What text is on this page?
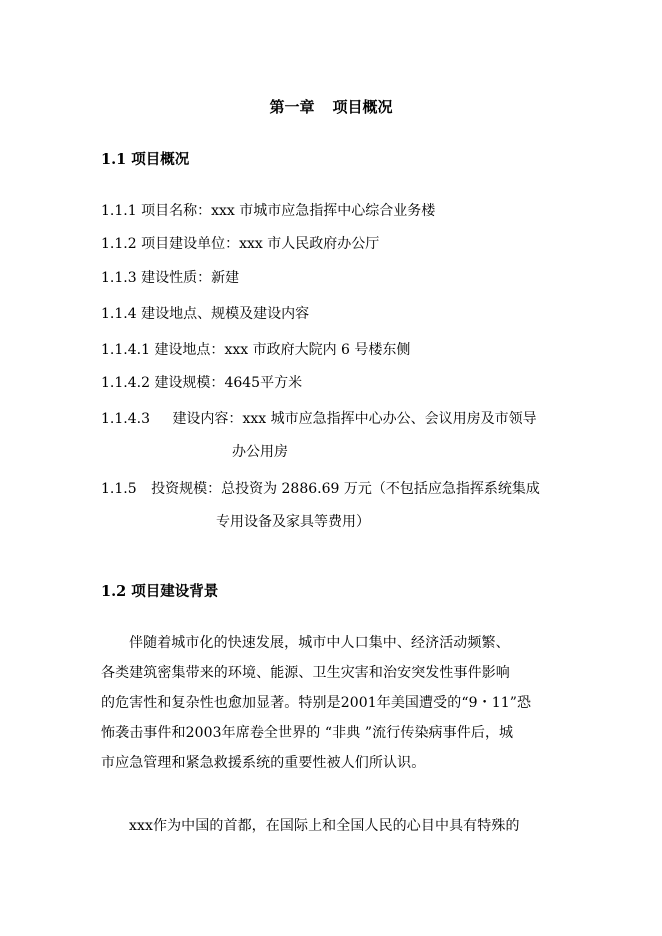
第一章 项目概况
1.1 项目概况
1.1.1 项目名称：xxx 市城市应急指挥中心综合业务楼
1.1.2 项目建设单位：xxx 市人民政府办公厅
1.1.3 建设性质：新建
1.1.4 建设地点、规模及建设内容
1.1.4.1 建设地点：xxx 市政府大院内 6 号楼东侧
1.1.4.2 建设规模：4645平方米
1.1.4.3 建设内容：xxx 城市应急指挥中心办公、会议用房及市领导
办公用房
1.1.5 投资规模：总投资为 2886.69 万元（不包括应急指挥系统集成
专用设备及家具等费用）
1.2 项目建设背景
伴随着城市化的快速发展，城市中人口集中、经济活动频繁、
各类建筑密集带来的环境、能源、卫生灾害和治安突发性事件影响
的危害性和复杂性也愈加显著。特别是2001年美国遭受的“9・11”恐
怖袭击事件和2003年席卷全世界的 “非典 ”流行传染病事件后，城
市应急管理和紧急救援系统的重要性被人们所认识。
xxx作为中国的首都，在国际上和全国人民的心目中具有特殊的
